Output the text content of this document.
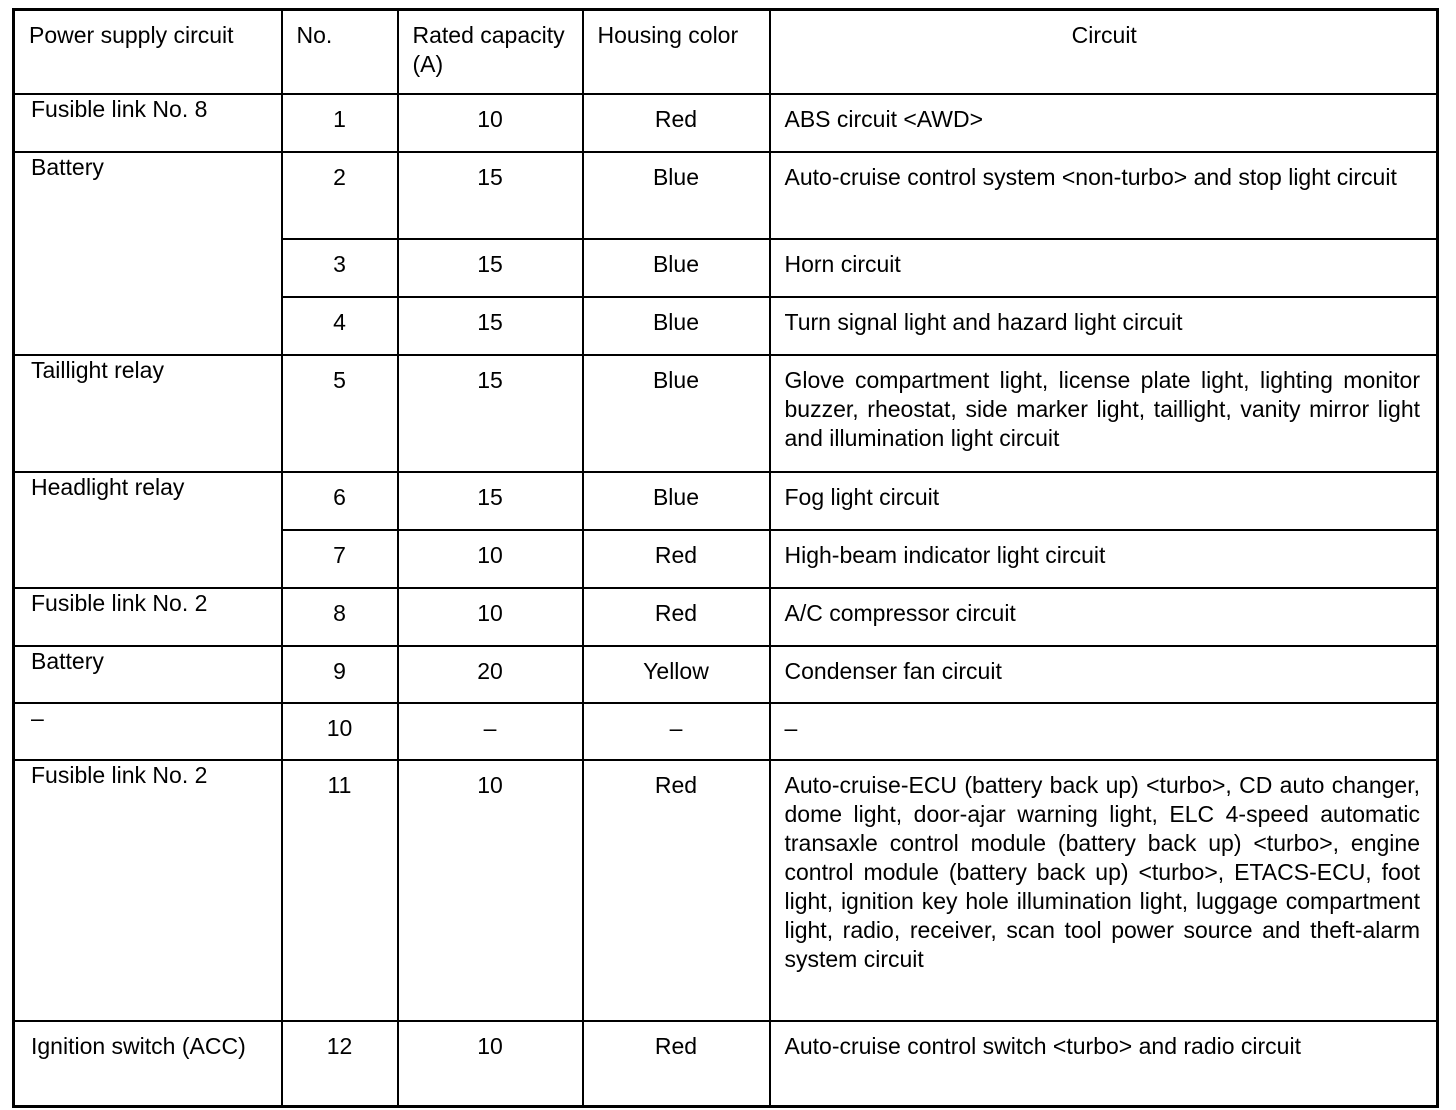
Power supply circuit	No.	Rated capacity (A)	Housing color	Circuit

Fusible link No. 8	1	10	Red	ABS circuit <AWD>

Battery	2	15	Blue	Auto-cruise control system <non-turbo> and stop light circuit

	3	15	Blue	Horn circuit

	4	15	Blue	Turn signal light and hazard light circuit

Taillight relay	5	15	Blue	Glove compartment light, license plate light, lighting monitor buzzer, rheostat, side marker light, taillight, vanity mirror light and illumination light circuit

Headlight relay	6	15	Blue	Fog light circuit

	7	10	Red	High-beam indicator light circuit

Fusible link No. 2	8	10	Red	A/C compressor circuit

Battery	9	20	Yellow	Condenser fan circuit

–	10	–	–	–

Fusible link No. 2	11	10	Red	Auto-cruise-ECU (battery back up) <turbo>, CD auto changer, dome light, door-ajar warning light, ELC 4-speed automatic transaxle control module (battery back up) <turbo>, engine control module (battery back up) <turbo>, ETACS-ECU, foot light, ignition key hole illumination light, luggage compartment light, radio, receiver, scan tool power source and theft-alarm system circuit

Ignition switch (ACC)	12	10	Red	Auto-cruise control switch <turbo> and radio circuit
